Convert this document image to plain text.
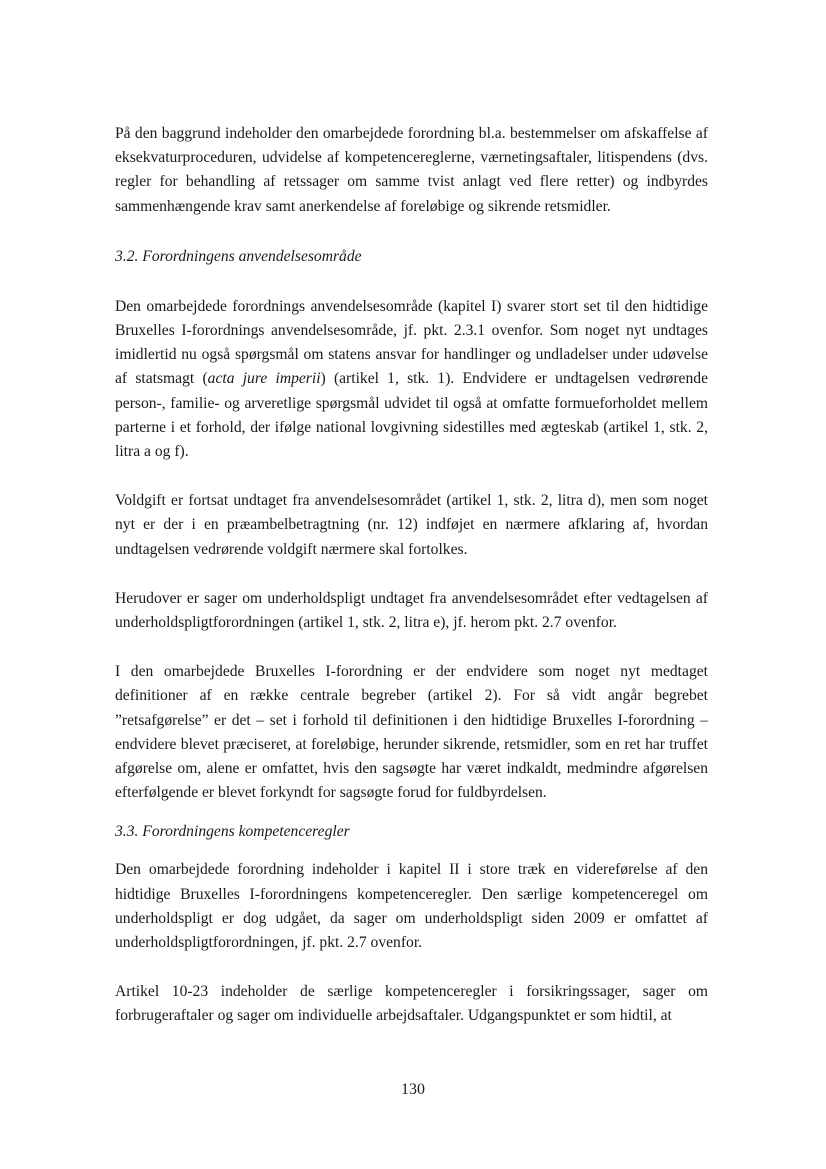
På den baggrund indeholder den omarbejdede forordning bl.a. bestemmelser om afskaffelse af eksekvaturproceduren, udvidelse af kompetencereglerne, værnetingsaftaler, litispendens (dvs. regler for behandling af retssager om samme tvist anlagt ved flere retter) og indbyrdes sammenhængende krav samt anerkendelse af foreløbige og sikrende retsmidler.

3.2. Forordningens anvendelsesområde

Den omarbejdede forordnings anvendelsesområde (kapitel I) svarer stort set til den hidtidige Bruxelles I-forordnings anvendelsesområde, jf. pkt. 2.3.1 ovenfor. Som noget nyt undtages imidlertid nu også spørgsmål om statens ansvar for handlinger og undladelser under udøvelse af statsmagt (acta jure imperii) (artikel 1, stk. 1). Endvidere er undtagelsen vedrørende person-, familie- og arveretlige spørgsmål udvidet til også at omfatte formueforholdet mellem parterne i et forhold, der ifølge national lovgivning sidestilles med ægteskab (artikel 1, stk. 2, litra a og f).

Voldgift er fortsat undtaget fra anvendelsesområdet (artikel 1, stk. 2, litra d), men som noget nyt er der i en præambelbetragtning (nr. 12) indføjet en nærmere afklaring af, hvordan undtagelsen vedrørende voldgift nærmere skal fortolkes.

Herudover er sager om underholdspligt undtaget fra anvendelsesområdet efter vedtagelsen af underholdspligtforordningen (artikel 1, stk. 2, litra e), jf. herom pkt. 2.7 ovenfor.

I den omarbejdede Bruxelles I-forordning er der endvidere som noget nyt medtaget definitioner af en række centrale begreber (artikel 2). For så vidt angår begrebet ”retsafgørelse” er det – set i forhold til definitionen i den hidtidige Bruxelles I-forordning – endvidere blevet præciseret, at foreløbige, herunder sikrende, retsmidler, som en ret har truffet afgørelse om, alene er omfattet, hvis den sagsøgte har været indkaldt, medmindre afgørelsen efterfølgende er blevet forkyndt for sagsøgte forud for fuldbyrdelsen.

3.3. Forordningens kompetenceregler

Den omarbejdede forordning indeholder i kapitel II i store træk en videreførelse af den hidtidige Bruxelles I-forordningens kompetenceregler. Den særlige kompetenceregel om underholdspligt er dog udgået, da sager om underholdspligt siden 2009 er omfattet af underholdspligtforordningen, jf. pkt. 2.7 ovenfor.

Artikel 10-23 indeholder de særlige kompetenceregler i forsikringssager, sager om forbrugeraftaler og sager om individuelle arbejdsaftaler. Udgangspunktet er som hidtil, at

130
